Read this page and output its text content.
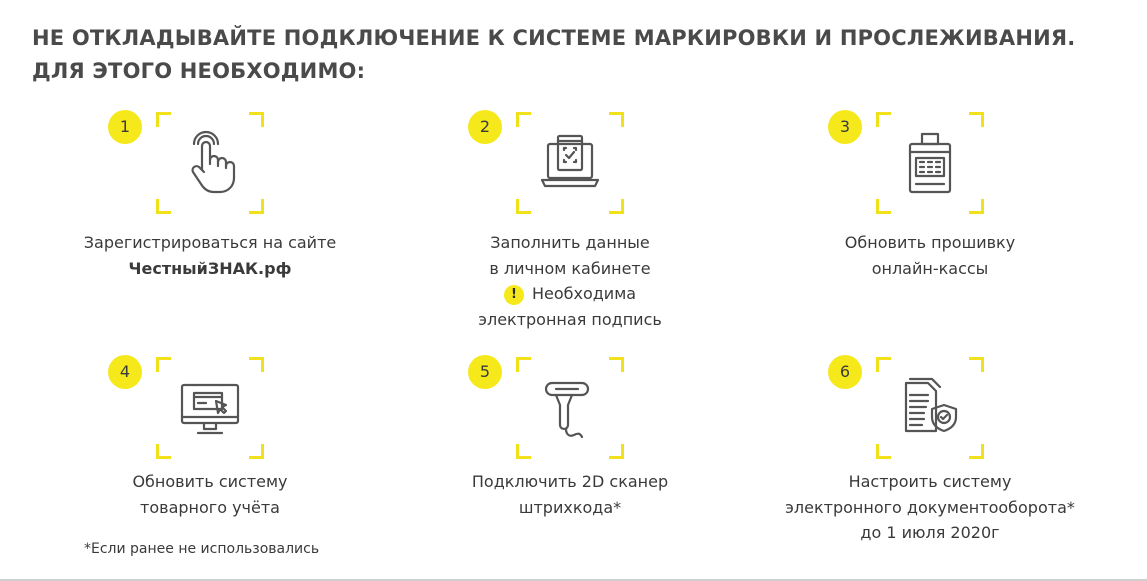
НЕ ОТКЛАДЫВАЙТЕ ПОДКЛЮЧЕНИЕ К СИСТЕМЕ МАРКИРОВКИ И ПРОСЛЕЖИВАНИЯ.
ДЛЯ ЭТОГО НЕОБХОДИМО:
1
Зарегистрироваться на сайте
ЧестныйЗНАК.рф
2
Заполнить данные
в личном кабинете
! Необходима
электронная подпись
3
Обновить прошивку
онлайн-кассы
4
Обновить систему
товарного учёта
5
Подключить 2D сканер
штрихкода*
6
Настроить систему
электронного документооборота*
до 1 июля 2020г
*Если ранее не использовались
